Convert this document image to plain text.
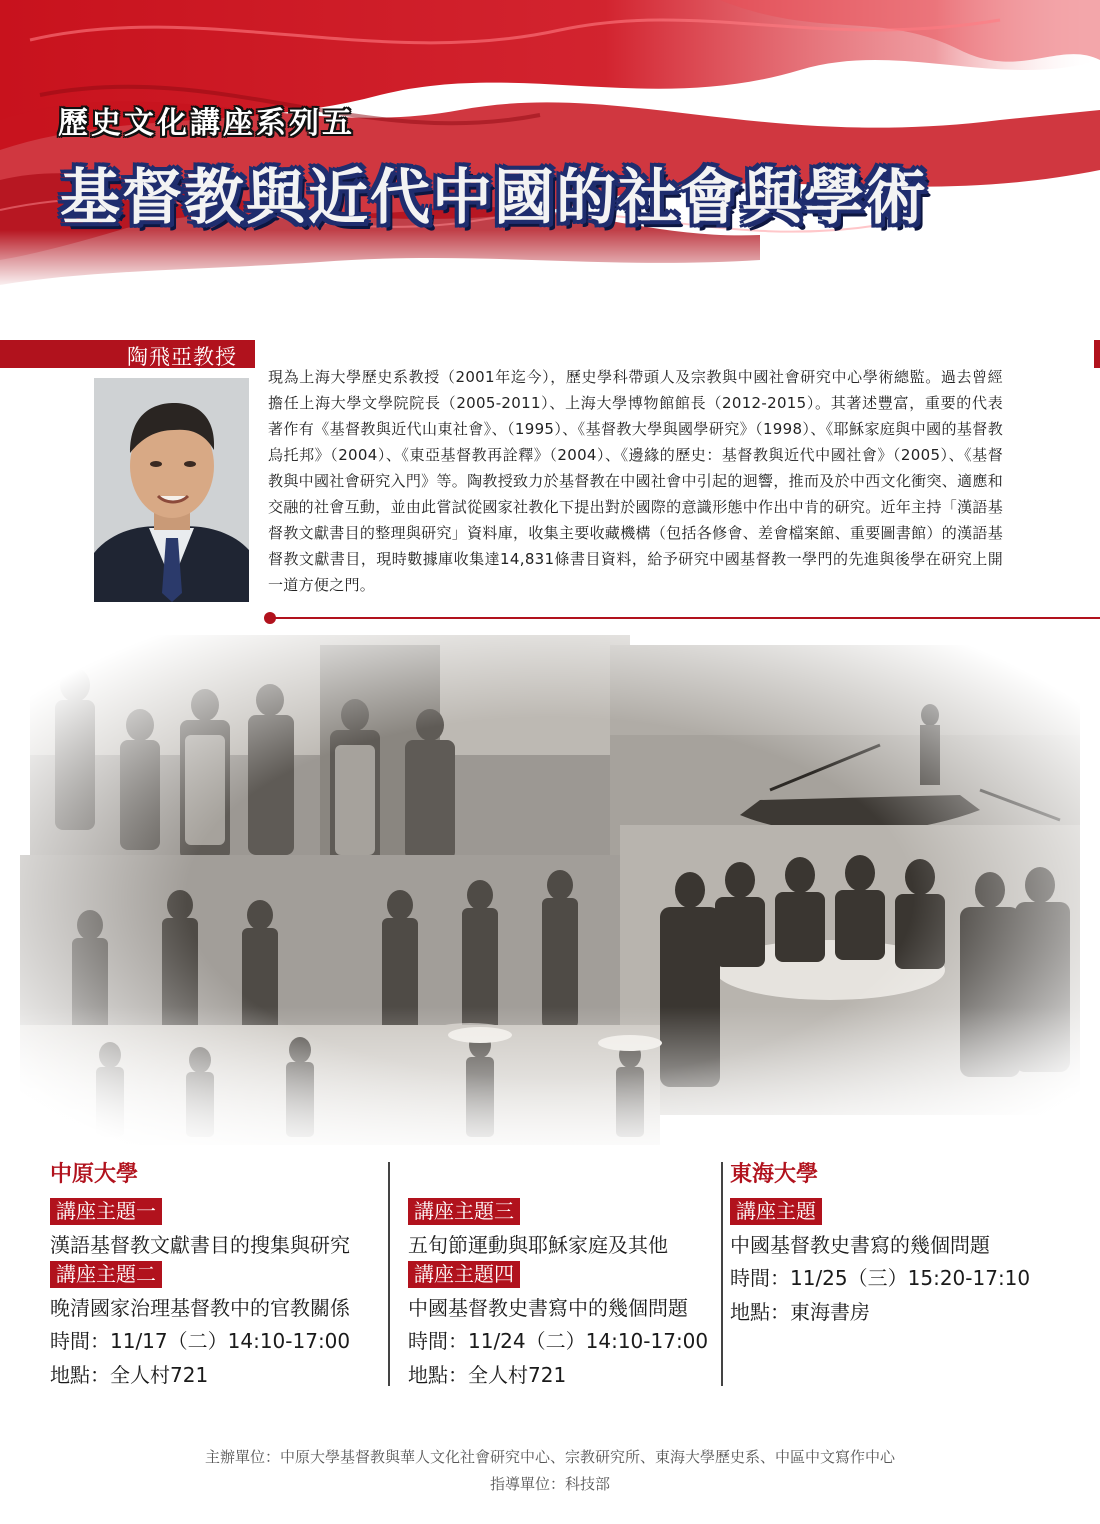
歷史文化講座系列五
基督教與近代中國的社會與學術
陶飛亞教授
現為上海大學歷史系教授（2001年迄今），歷史學科帶頭人及宗教與中國社會研究中心學術總監。過去曾經擔任上海大學文學院院長（2005-2011）、上海大學博物館館長（2012-2015）。其著述豐富，重要的代表著作有《基督教與近代山東社會》、（1995）、《基督教大學與國學研究》（1998）、《耶穌家庭與中國的基督教烏托邦》（2004）、《東亞基督教再詮釋》（2004）、《邊緣的歷史：基督教與近代中國社會》（2005）、《基督教與中國社會研究入門》等。陶教授致力於基督教在中國社會中引起的迴響，推而及於中西文化衝突、適應和交融的社會互動，並由此嘗試從國家社教化下提出對於國際的意識形態中作出中肯的研究。近年主持「漢語基督教文獻書目的整理與研究」資料庫，收集主要收藏機構（包括各修會、差會檔案館、重要圖書館）的漢語基督教文獻書目，現時數據庫收集達14,831條書目資料，給予研究中國基督教一學門的先進與後學在研究上開一道方便之門。
中原大學
講座主題一
漢語基督教文獻書目的搜集與研究
講座主題二
晚清國家治理基督教中的官教關係
時間：11/17（二）14:10-17:00
地點：全人村721
講座主題三
五旬節運動與耶穌家庭及其他
講座主題四
中國基督教史書寫中的幾個問題
時間：11/24（二）14:10-17:00
地點：全人村721
東海大學
講座主題
中國基督教史書寫的幾個問題
時間：11/25（三）15:20-17:10
地點：東海書房
主辦單位：中原大學基督教與華人文化社會研究中心、宗教研究所、東海大學歷史系、中區中文寫作中心
指導單位：科技部
